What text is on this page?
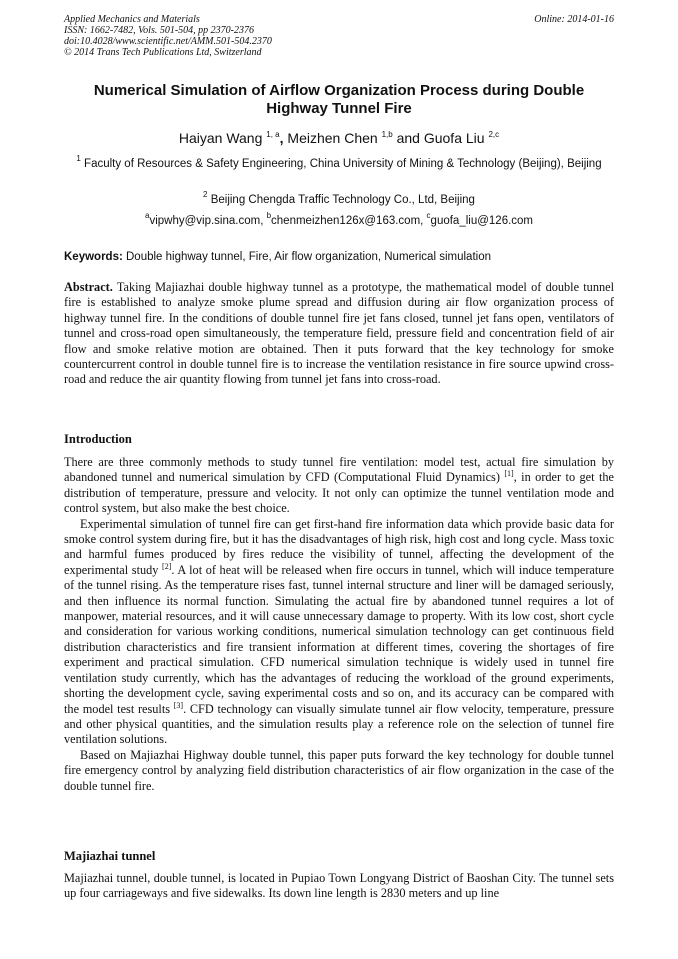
Applied Mechanics and Materials
ISSN: 1662-7482, Vols. 501-504, pp 2370-2376
doi:10.4028/www.scientific.net/AMM.501-504.2370
© 2014 Trans Tech Publications Ltd, Switzerland
Online: 2014-01-16
Numerical Simulation of Airflow Organization Process during Double Highway Tunnel Fire
Haiyan Wang $^{1, a}$, Meizhen Chen $^{1,b}$ and Guofa Liu $^{2,c}$
$^1$ Faculty of Resources & Safety Engineering, China University of Mining & Technology (Beijing), Beijing
$^2$ Beijing Chengda Traffic Technology Co., Ltd, Beijing
$^a$vipwhy@vip.sina.com, $^b$chenmeizhen126x@163.com, $^c$guofa_liu@126.com
Keywords: Double highway tunnel, Fire, Air flow organization, Numerical simulation

Abstract. Taking Majiazhai double highway tunnel as a prototype, the mathematical model of double tunnel fire is established to analyze smoke plume spread and diffusion during air flow organization process of highway tunnel fire. In the conditions of double tunnel fire jet fans closed, tunnel jet fans open, ventilators of tunnel and cross-road open simultaneously, the temperature field, pressure field and concentration field of air flow and smoke relative motion are obtained. Then it puts forward that the key technology for smoke countercurrent control in double tunnel fire is to increase the ventilation resistance in fire source upwind cross-road and reduce the air quantity flowing from tunnel jet fans into cross-road.

Introduction

There are three commonly methods to study tunnel fire ventilation: model test, actual fire simulation by abandoned tunnel and numerical simulation by CFD (Computational Fluid Dynamics) [1], in order to get the distribution of temperature, pressure and velocity. It not only can optimize the tunnel ventilation mode and control system, but also make the best choice.

Experimental simulation of tunnel fire can get first-hand fire information data which provide basic data for smoke control system during fire, but it has the disadvantages of high risk, high cost and long cycle. Mass toxic and harmful fumes produced by fires reduce the visibility of tunnel, affecting the development of the experimental study [2]. A lot of heat will be released when fire occurs in tunnel, which will induce temperature of the tunnel rising. As the temperature rises fast, tunnel internal structure and liner will be damaged seriously, and then influence its normal function. Simulating the actual fire by abandoned tunnel requires a lot of manpower, material resources, and it will cause unnecessary damage to property. With its low cost, short cycle and consideration for various working conditions, numerical simulation technology can get continuous field distribution characteristics and fire transient information at different times, covering the shortages of fire experiment and practical simulation. CFD numerical simulation technique is widely used in tunnel fire ventilation study currently, which has the advantages of reducing the workload of the ground experiments, shorting the development cycle, saving experimental costs and so on, and its accuracy can be compared with the model test results [3]. CFD technology can visually simulate tunnel air flow velocity, temperature, pressure and other physical quantities, and the simulation results play a reference role on the selection of tunnel fire ventilation solutions.

Based on Majiazhai Highway double tunnel, this paper puts forward the key technology for double tunnel fire emergency control by analyzing field distribution characteristics of air flow organization in the case of the double tunnel fire.

Majiazhai tunnel

Majiazhai tunnel, double tunnel, is located in Pupiao Town Longyang District of Baoshan City. The tunnel sets up four carriageways and five sidewalks. Its down line length is 2830 meters and up line
